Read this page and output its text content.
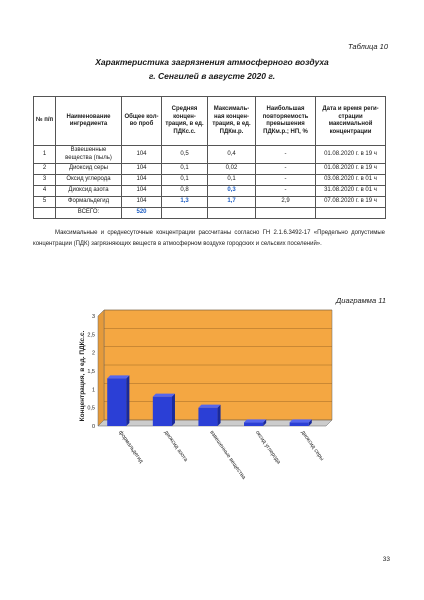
Таблица 10
Характеристика загрязнения атмосферного воздуха
г. Сенгилей в августе 2020 г.
№ п/п	Наименование ингредиента	Общее кол-во проб	Средняя концен-трация, в ед. ПДКс.с.	Максималь-ная концен-трация, в ед. ПДКм.р.	Наибольшая повторяемость превышения ПДКм.р.; НП, %	Дата и время реги-страции максимальной концентрации
1	Взвешенные вещества (пыль)	104	0,5	0,4	-	01.08.2020 г. в 19 ч
2	Диоксид серы	104	0,1	0,02	-	01.08.2020 г. в 19 ч
3	Оксид углерода	104	0,1	0,1	-	03.08.2020 г. в 01 ч
4	Диоксид азота	104	0,8	0,3	-	31.08.2020 г. в 01 ч
5	Формальдегид	104	1,3	1,7	2,9	07.08.2020 г. в 19 ч
	ВСЕГО:	520				
Максимальные и среднесуточные концентрации рассчитаны согласно ГН 2.1.6.3492-17 «Предельно допустимые концентрации (ПДК) загрязняющих веществ в атмосферном воздухе городских и сельских поселений».
Диаграмма 11
0
0,5
1
1,5
2
2,5
3
формальдегид	диоксид азота	взвешенные вещества оксид углерода	диоксид серы
Концентрация, в ед. ПДКс.с.
33
